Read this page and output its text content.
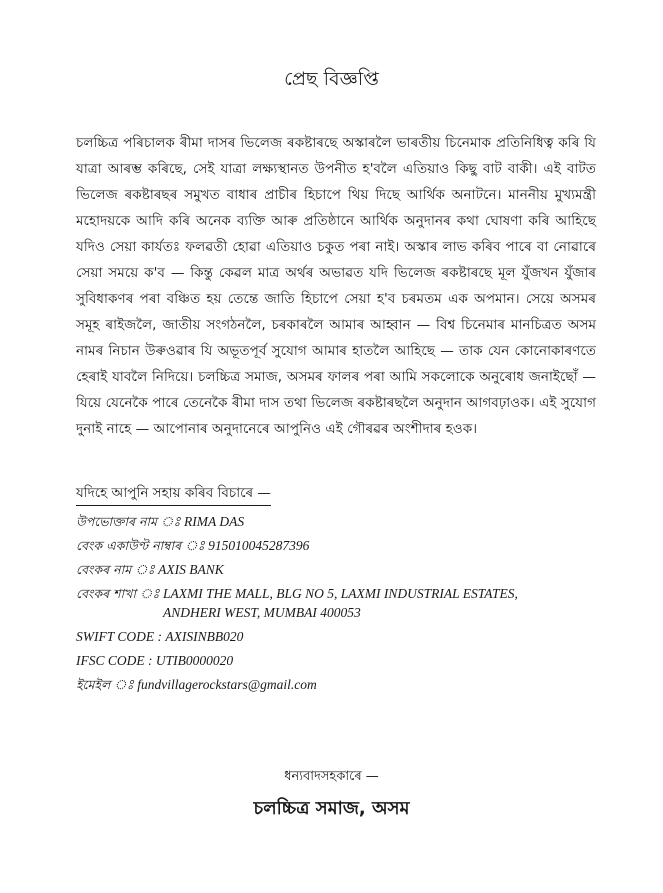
প্ৰেছ বিজ্ঞপ্তি

চলচ্চিত্ৰ পৰিচালক ৰীমা দাসৰ ভিলেজ ৰকষ্টাৰছে অস্কাৰলৈ ভাৰতীয় চিনেমাক প্ৰতিনিধিত্ব কৰি যি যাত্ৰা আৰম্ভ কৰিছে, সেই যাত্ৰা লক্ষ্যস্থানত উপনীত হ'বলৈ এতিয়াও কিছু বাট বাকী। এই বাটত ভিলেজ ৰকষ্টাৰছৰ সমুখত বাধাৰ প্ৰাচীৰ হিচাপে থিয় দিছে আৰ্থিক অনাটনে। মাননীয় মুখ্যমন্ত্ৰী মহোদয়কে আদি কৰি অনেক ব্যক্তি আৰু প্ৰতিষ্ঠানে আৰ্থিক অনুদানৰ কথা ঘোষণা কৰি আহিছে যদিও সেয়া কাৰ্যতঃ ফলৱতী হোৱা এতিয়াও চকুত পৰা নাই। অস্কাৰ লাভ কৰিব পাৰে বা নোৱাৰে সেয়া সময়ে ক'ব — কিন্তু কেৱল মাত্ৰ অৰ্থৰ অভাৱত যদি ভিলেজ ৰকষ্টাৰছে মূল যুঁজখন যুঁজাৰ সুবিধাকণৰ পৰা বঞ্চিত হয় তেন্তে জাতি হিচাপে সেয়া হ'ব চৰমতম এক অপমান। সেয়ে অসমৰ সমূহ ৰাইজলৈ, জাতীয় সংগঠনলৈ, চৰকাৰলৈ আমাৰ আহ্বান — বিশ্ব চিনেমাৰ মানচিত্ৰত অসম নামৰ নিচান উৰুওৱাৰ যি অভূতপূৰ্ব সুযোগ আমাৰ হাতলৈ আহিছে — তাক যেন কোনোকাৰণতে হেৰাই যাবলৈ নিদিয়ে। চলচ্চিত্ৰ সমাজ, অসমৰ ফালৰ পৰা আমি সকলোকে অনুৰোধ জনাইছোঁ — যিয়ে যেনেকৈ পাৰে তেনেকৈ ৰীমা দাস তথা ভিলেজ ৰকষ্টাৰছলৈ অনুদান আগবঢ়াওক। এই সুযোগ দুনাই নাহে — আপোনাৰ অনুদানেৰে আপুনিও এই গৌৰৱৰ অংশীদাৰ হওক।

যদিহে আপুনি সহায় কৰিব বিচাৰে —
উপভোক্তাৰ নাম ঃ RIMA DAS
বেংক একাউণ্ট নাম্বাৰ ঃ 915010045287396
বেংকৰ নাম ঃ AXIS BANK
বেংকৰ শাখা ঃ LAXMI THE MALL, BLG NO 5, LAXMI INDUSTRIAL ESTATES, ANDHERI WEST, MUMBAI 400053
SWIFT CODE : AXISINBB020
IFSC CODE : UTIB0000020
ইমেইল ঃ fundvillagerockstars@gmail.com
ধন্যবাদসহকাৰে —
চলচ্চিত্ৰ সমাজ, অসম
